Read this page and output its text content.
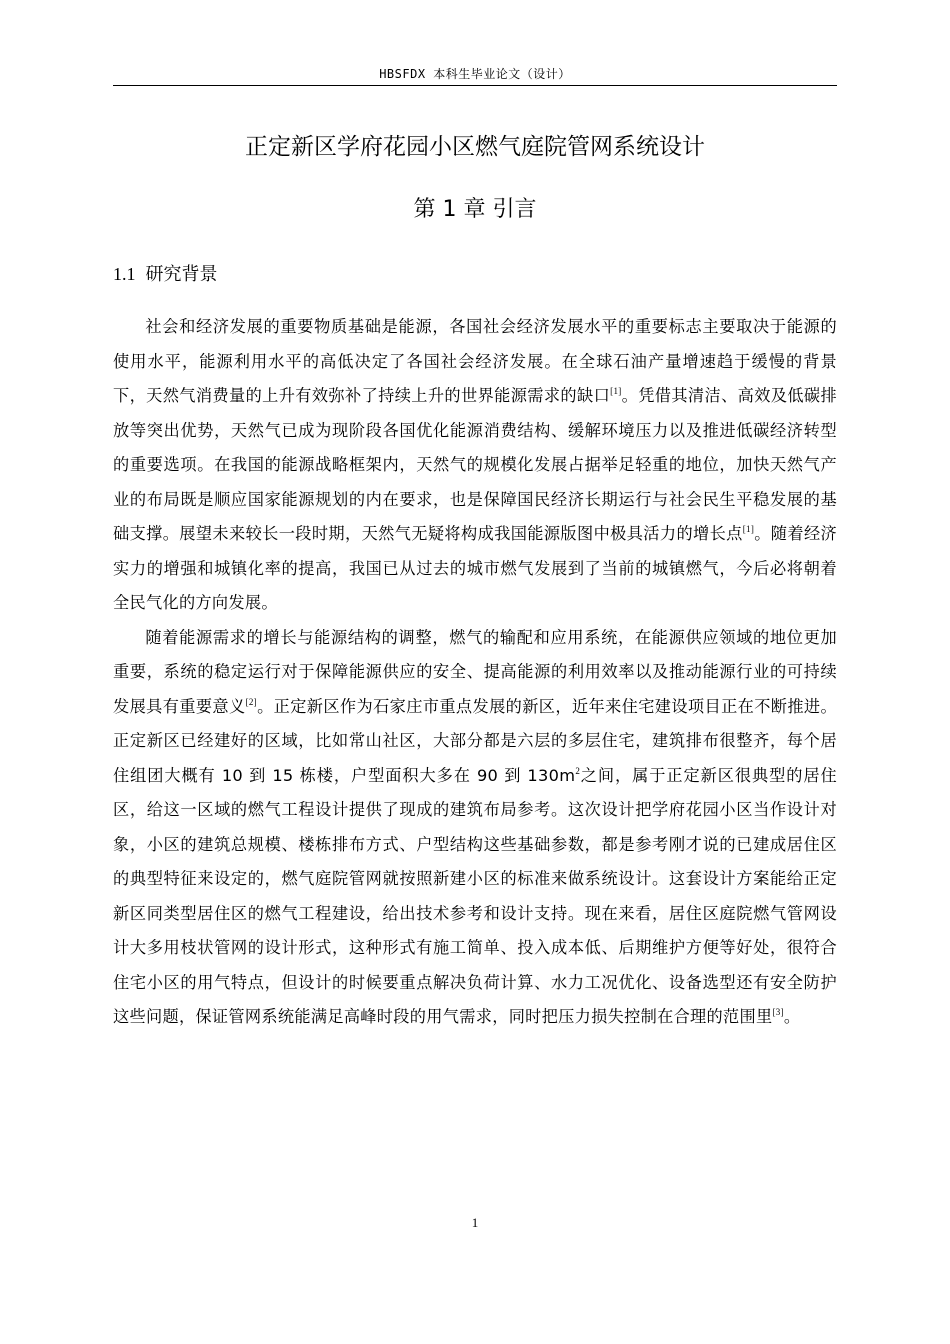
HBSFDX 本科生毕业论文（设计）
正定新区学府花园小区燃气庭院管网系统设计
第 1 章 引言
1.1 研究背景

社会和经济发展的重要物质基础是能源，各国社会经济发展水平的重要标志主要取决于能源的使用水平，能源利用水平的高低决定了各国社会经济发展。在全球石油产量增速趋于缓慢的背景下，天然气消费量的上升有效弥补了持续上升的世界能源需求的缺口[1]。凭借其清洁、高效及低碳排放等突出优势，天然气已成为现阶段各国优化能源消费结构、缓解环境压力以及推进低碳经济转型的重要选项。在我国的能源战略框架内，天然气的规模化发展占据举足轻重的地位，加快天然气产业的布局既是顺应国家能源规划的内在要求，也是保障国民经济长期运行与社会民生平稳发展的基础支撑。展望未来较长一段时期，天然气无疑将构成我国能源版图中极具活力的增长点[1]。随着经济实力的增强和城镇化率的提高，我国已从过去的城市燃气发展到了当前的城镇燃气，今后必将朝着全民气化的方向发展。

随着能源需求的增长与能源结构的调整，燃气的输配和应用系统，在能源供应领域的地位更加重要，系统的稳定运行对于保障能源供应的安全、提高能源的利用效率以及推动能源行业的可持续发展具有重要意义[2]。正定新区作为石家庄市重点发展的新区，近年来住宅建设项目正在不断推进。正定新区已经建好的区域，比如常山社区，大部分都是六层的多层住宅，建筑排布很整齐，每个居住组团大概有 10 到 15 栋楼，户型面积大多在 90 到 $130m^2$之间，属于正定新区很典型的居住区，给这一区域的燃气工程设计提供了现成的建筑布局参考。这次设计把学府花园小区当作设计对象，小区的建筑总规模、楼栋排布方式、户型结构这些基础参数，都是参考刚才说的已建成居住区的典型特征来设定的，燃气庭院管网就按照新建小区的标准来做系统设计。这套设计方案能给正定新区同类型居住区的燃气工程建设，给出技术参考和设计支持。现在来看，居住区庭院燃气管网设计大多用枝状管网的设计形式，这种形式有施工简单、投入成本低、后期维护方便等好处，很符合住宅小区的用气特点，但设计的时候要重点解决负荷计算、水力工况优化、设备选型还有安全防护这些问题，保证管网系统能满足高峰时段的用气需求，同时把压力损失控制在合理的范围里[3]。

1
